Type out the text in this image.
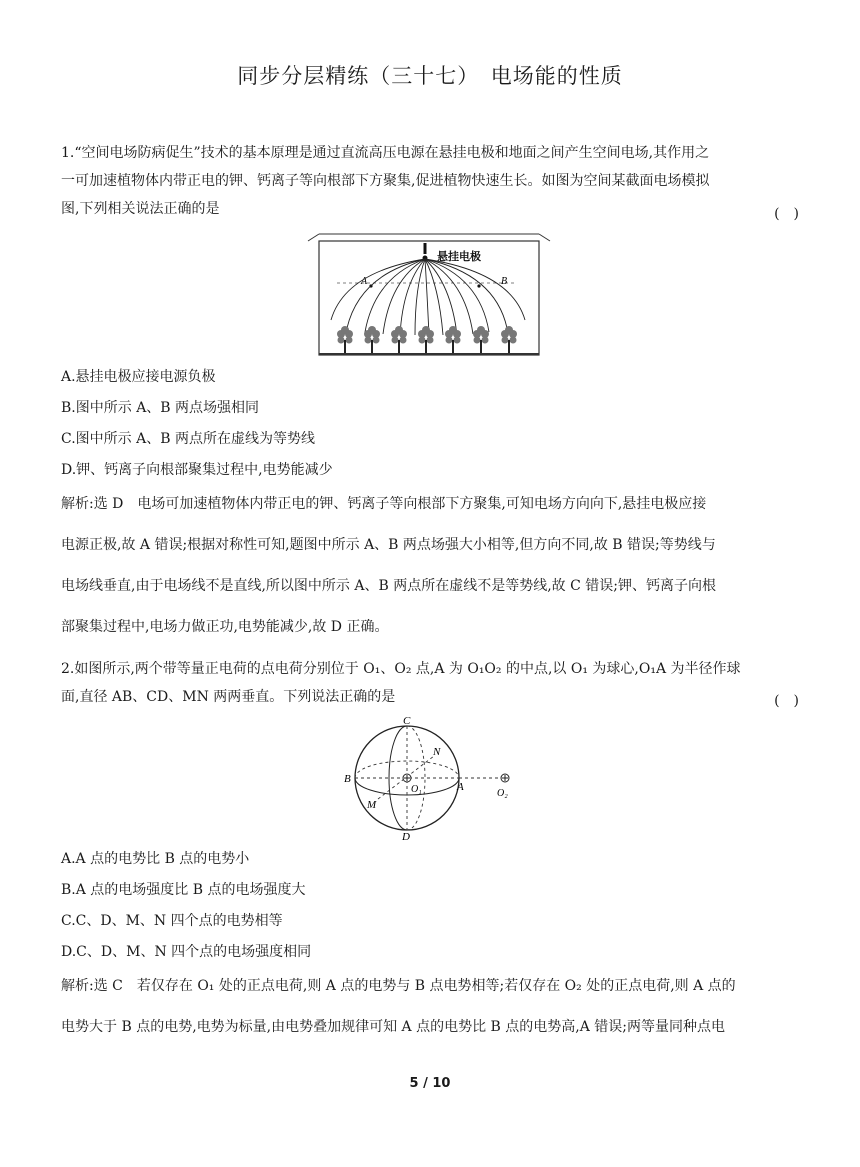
同步分层精练（三十七）　电场能的性质
1.“空间电场防病促生”技术的基本原理是通过直流高压电源在悬挂电极和地面之间产生空间电场,其作用之
一可加速植物体内带正电的钾、钙离子等向根部下方聚集,促进植物快速生长。如图为空间某截面电场模拟
图,下列相关说法正确的是	(　)
悬挂电极
A	B
A.悬挂电极应接电源负极
B.图中所示 A、B 两点场强相同
C.图中所示 A、B 两点所在虚线为等势线
D.钾、钙离子向根部聚集过程中,电势能减少
解析:选 D　电场可加速植物体内带正电的钾、钙离子等向根部下方聚集,可知电场方向向下,悬挂电极应接
电源正极,故 A 错误;根据对称性可知,题图中所示 A、B 两点场强大小相等,但方向不同,故 B 错误;等势线与
电场线垂直,由于电场线不是直线,所以图中所示 A、B 两点所在虚线不是等势线,故 C 错误;钾、钙离子向根
部聚集过程中,电场力做正功,电势能减少,故 D 正确。
2.如图所示,两个带等量正电荷的点电荷分别位于 O₁、O₂ 点,A 为 O₁O₂ 的中点,以 O₁ 为球心,O₁A 为半径作球
面,直径 AB、CD、MN 两两垂直。下列说法正确的是	(　)
C
D
B
A
M
N
O₁	O₂
A.A 点的电势比 B 点的电势小
B.A 点的电场强度比 B 点的电场强度大
C.C、D、M、N 四个点的电势相等
D.C、D、M、N 四个点的电场强度相同
解析:选 C　若仅存在 O₁ 处的正点电荷,则 A 点的电势与 B 点电势相等;若仅存在 O₂ 处的正点电荷,则 A 点的
电势大于 B 点的电势,电势为标量,由电势叠加规律可知 A 点的电势比 B 点的电势高,A 错误;两等量同种点电
5 / 10
